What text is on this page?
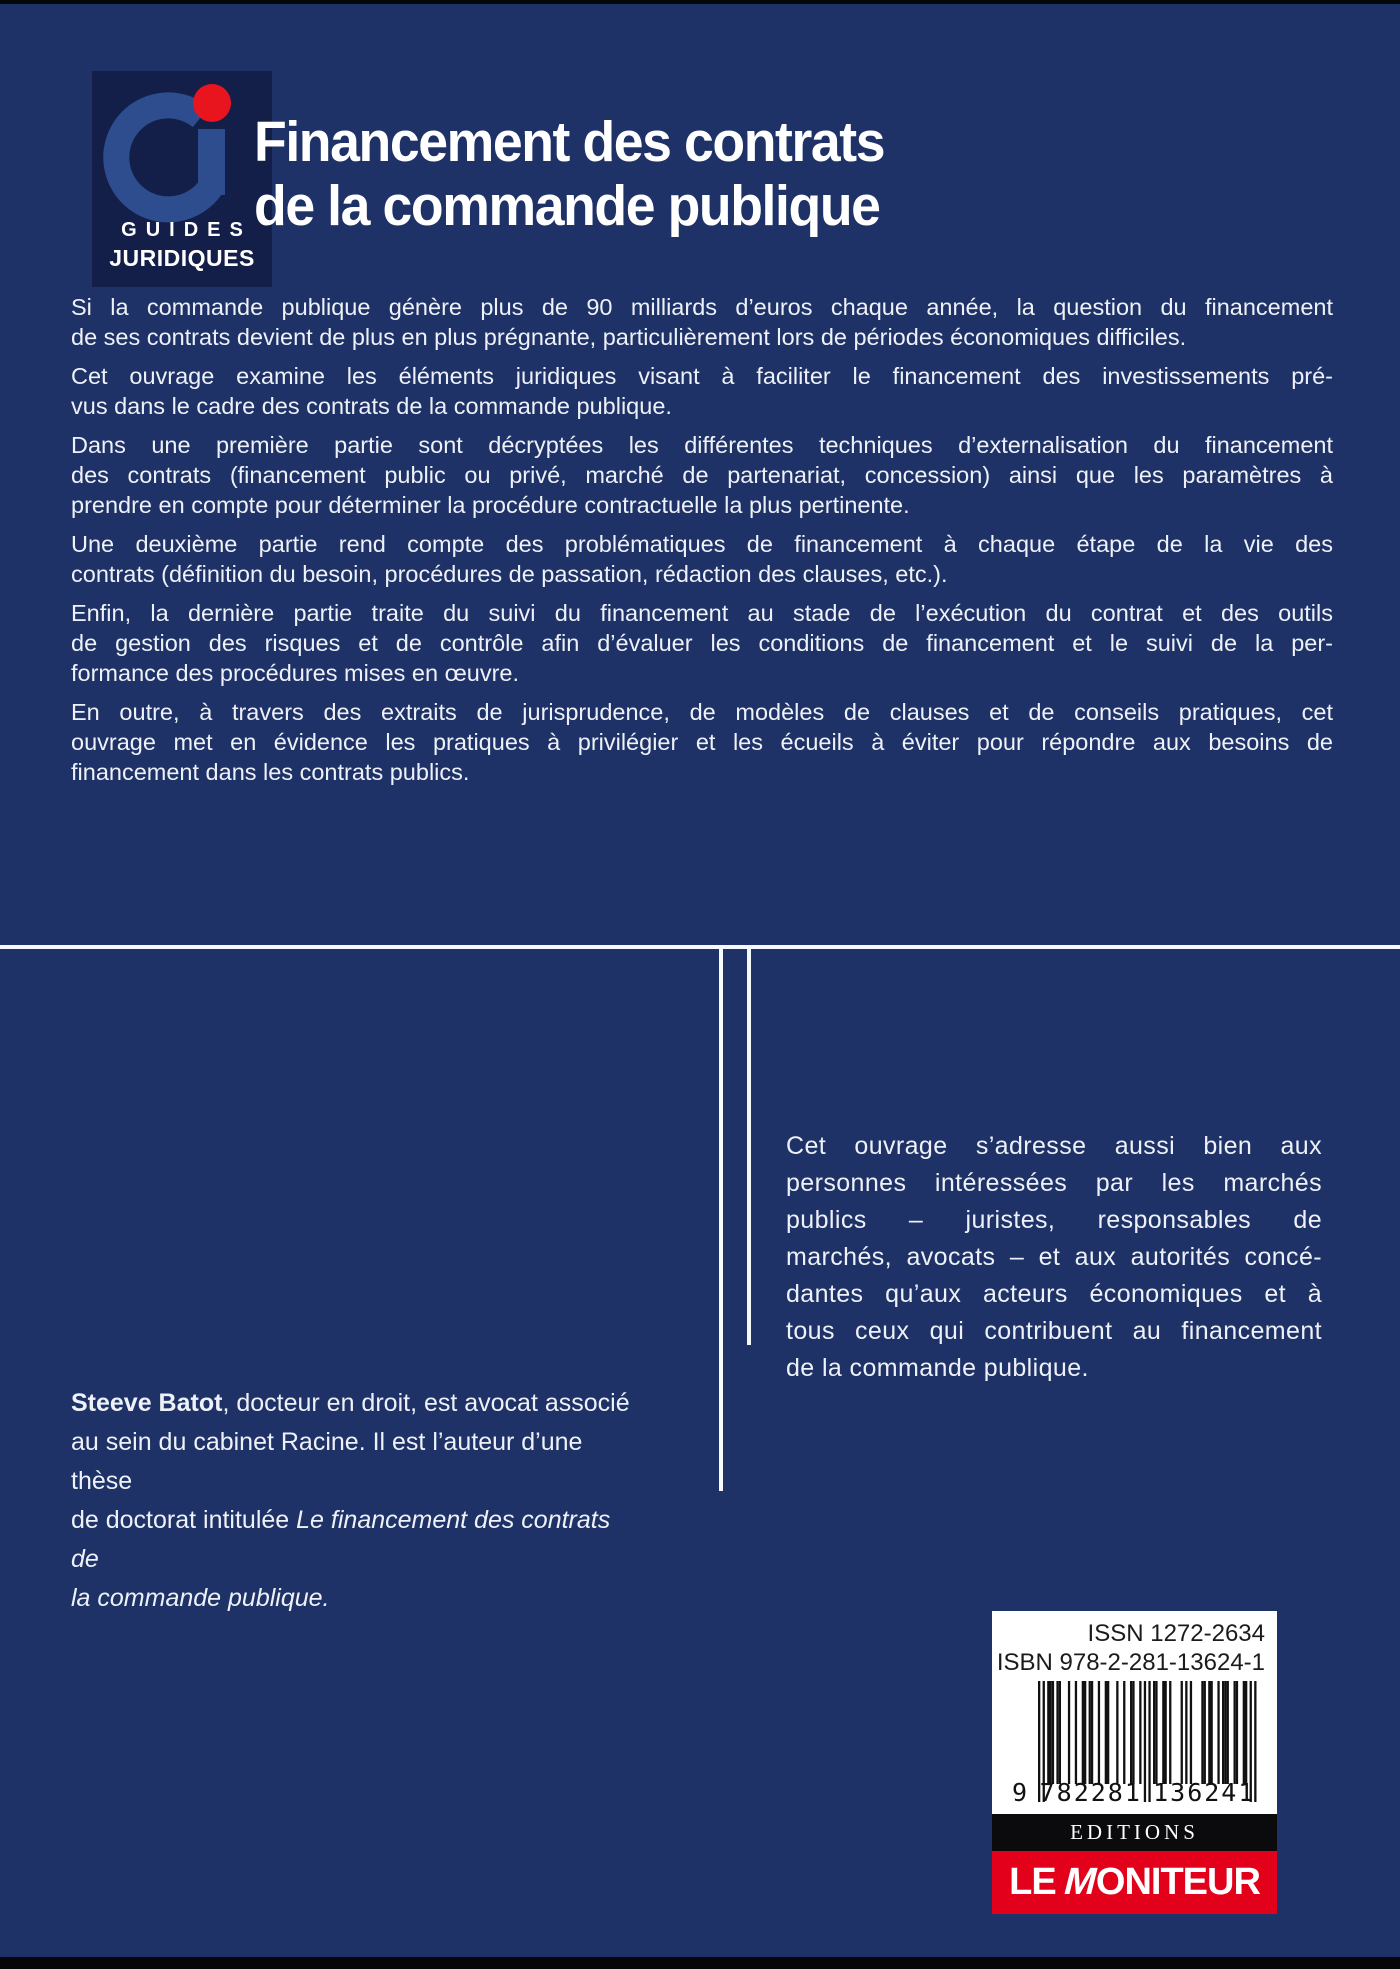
GUIDES
JURIDIQUES
Financement des contrats
de la commande publique
Si la commande publique génère plus de 90 milliards d’euros chaque année, la question du financement
de ses contrats devient de plus en plus prégnante, particulièrement lors de périodes économiques difficiles.
Cet ouvrage examine les éléments juridiques visant à faciliter le financement des investissements pré-
vus dans le cadre des contrats de la commande publique.
Dans une première partie sont décryptées les différentes techniques d’externalisation du financement
des contrats (financement public ou privé, marché de partenariat, concession) ainsi que les paramètres à
prendre en compte pour déterminer la procédure contractuelle la plus pertinente.
Une deuxième partie rend compte des problématiques de financement à chaque étape de la vie des
contrats (définition du besoin, procédures de passation, rédaction des clauses, etc.).
Enfin, la dernière partie traite du suivi du financement au stade de l’exécution du contrat et des outils
de gestion des risques et de contrôle afin d’évaluer les conditions de financement et le suivi de la per-
formance des procédures mises en œuvre.
En outre, à travers des extraits de jurisprudence, de modèles de clauses et de conseils pratiques, cet
ouvrage met en évidence les pratiques à privilégier et les écueils à éviter pour répondre aux besoins de
financement dans les contrats publics.
Cet ouvrage s’adresse aussi bien aux
personnes intéressées par les marchés
publics – juristes, responsables de
marchés, avocats – et aux autorités concé-
dantes qu’aux acteurs économiques et à
tous ceux qui contribuent au financement
de la commande publique.
Steeve Batot, docteur en droit, est avocat associé
au sein du cabinet Racine. Il est l’auteur d’une thèse
de doctorat intitulée Le financement des contrats de
la commande publique.
ISSN 1272-2634
ISBN 978-2-281-13624-1
9 782281 136241
EDITIONS
LE MONITEUR
